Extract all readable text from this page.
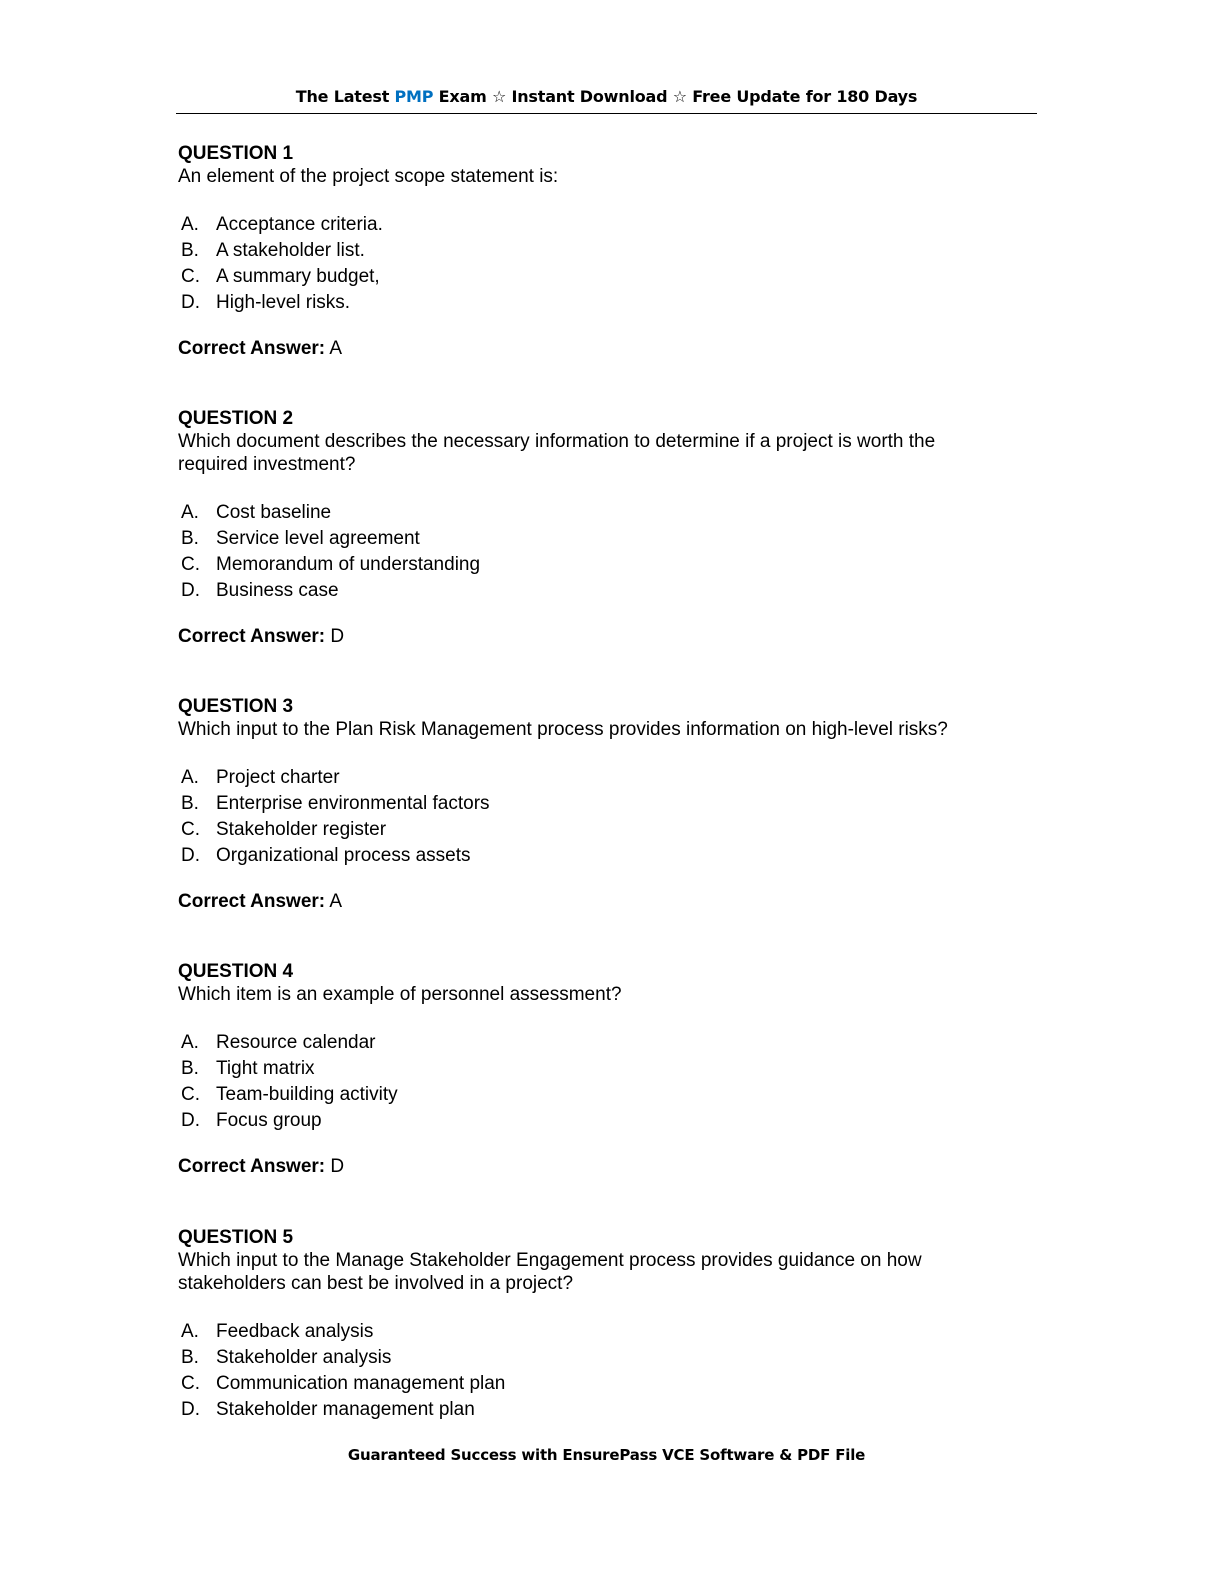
The Latest PMP Exam ☆ Instant Download ☆ Free Update for 180 Days
QUESTION 1
An element of the project scope statement is:
A. Acceptance criteria.
B. A stakeholder list.
C. A summary budget,
D. High-level risks.
Correct Answer: A
QUESTION 2
Which document describes the necessary information to determine if a project is worth the required investment?
A. Cost baseline
B. Service level agreement
C. Memorandum of understanding
D. Business case
Correct Answer: D
QUESTION 3
Which input to the Plan Risk Management process provides information on high-level risks?
A. Project charter
B. Enterprise environmental factors
C. Stakeholder register
D. Organizational process assets
Correct Answer: A
QUESTION 4
Which item is an example of personnel assessment?
A. Resource calendar
B. Tight matrix
C. Team-building activity
D. Focus group
Correct Answer: D
QUESTION 5
Which input to the Manage Stakeholder Engagement process provides guidance on how stakeholders can best be involved in a project?
A. Feedback analysis
B. Stakeholder analysis
C. Communication management plan
D. Stakeholder management plan
Guaranteed Success with EnsurePass VCE Software & PDF File
